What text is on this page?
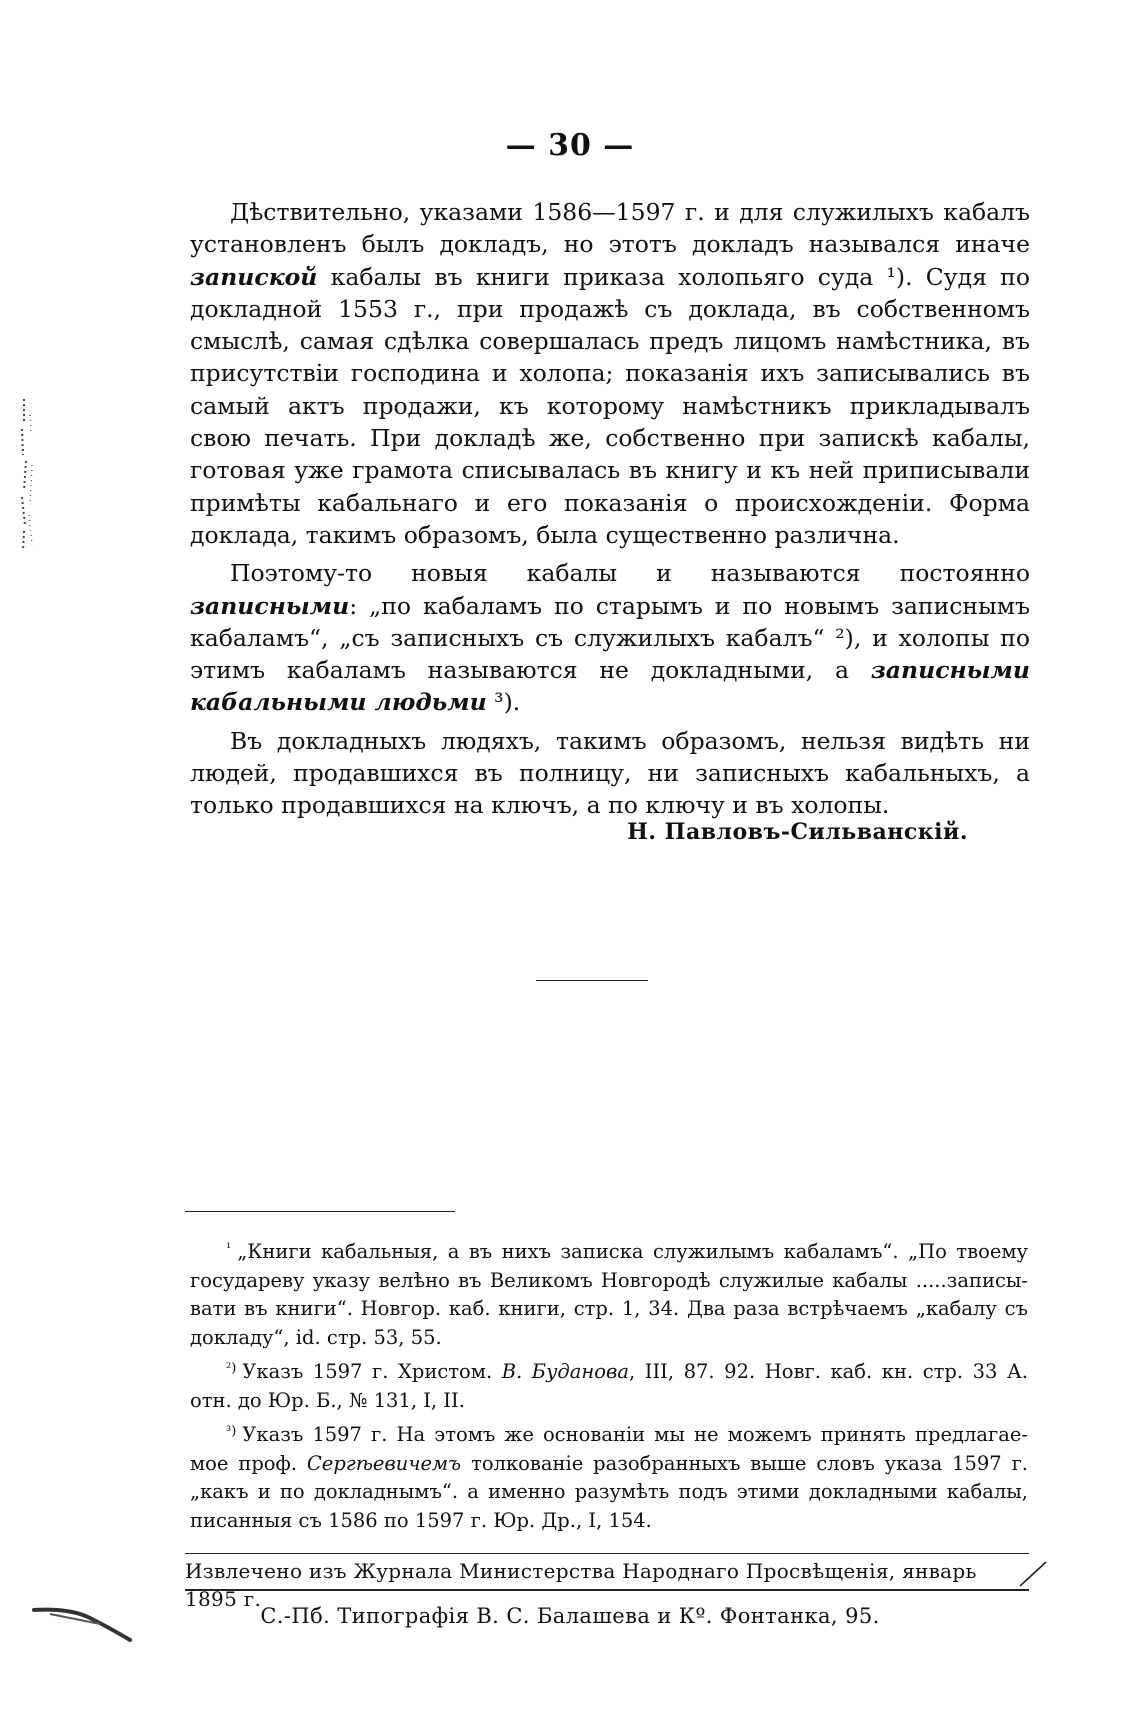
— 30 —

Дѣствительно, указами 1586—1597 г. и для служилыхъ кабалъ установленъ былъ докладъ, но этотъ докладъ назывался иначе запиской кабалы въ книги приказа холопьяго суда ¹). Судя по докладной 1553 г., при продажѣ съ доклада, въ собственномъ смыслѣ, самая сдѣлка совершалась предъ лицомъ намѣстника, въ присутствіи господина и холопа; показанія ихъ записывались въ самый актъ продажи, къ которому намѣстникъ прикладывалъ свою печать. При докладѣ же, собственно при запискѣ кабалы, готовая уже грамота списывалась въ книгу и къ ней приписывали примѣты кабальнаго и его показанія о происхожденіи. Форма доклада, такимъ образомъ, была существенно различна.

Поэтому-то новыя кабалы и называются постоянно записными: „по кабаламъ по старымъ и по новымъ записнымъ кабаламъ“, „съ записныхъ съ служилыхъ кабалъ“ ²), и холопы по этимъ кабаламъ называются не докладными, а записными кабальными людьми ³).

Въ докладныхъ людяхъ, такимъ образомъ, нельзя видѣть ни людей, продавшихся въ полницу, ни записныхъ кабальныхъ, а только продавшихся на ключъ, а по ключу и въ холопы.

Н. Павловъ-Сильванскій.

$^{^1}$ „Книги кабальныя, а въ нихъ записка служилымъ кабаламъ“. „По твоему государеву указу велѣно въ Великомъ Новгородѣ служилые кабалы .....записывати въ книги“. Новгор. каб. книги, стр. 1, 34. Два раза встрѣчаемъ „кабалу съ докладу“, id. стр. 53, 55.

$^{^2)}$ Указъ 1597 г. Христом. В. Буданова, III, 87. 92. Новг. каб. кн. стр. 33 А. отн. до Юр. Б., № 131, I, II.

$^{^3)}$ Указъ 1597 г. На этомъ же основаніи мы не можемъ принять предлагаемое проф. Сергѣевичемъ толкованіе разобранныхъ выше словъ указа 1597 г. „какъ и по докладнымъ“. а именно разумѣть подъ этими докладными кабалы, писанныя съ 1586 по 1597 г. Юр. Др., I, 154.

Извлечено изъ Журнала Министерства Народнаго Просвѣщенія, январь 1895 г.
С.-Пб. Типографія В. С. Балашева и Кº. Фонтанка, 95.
